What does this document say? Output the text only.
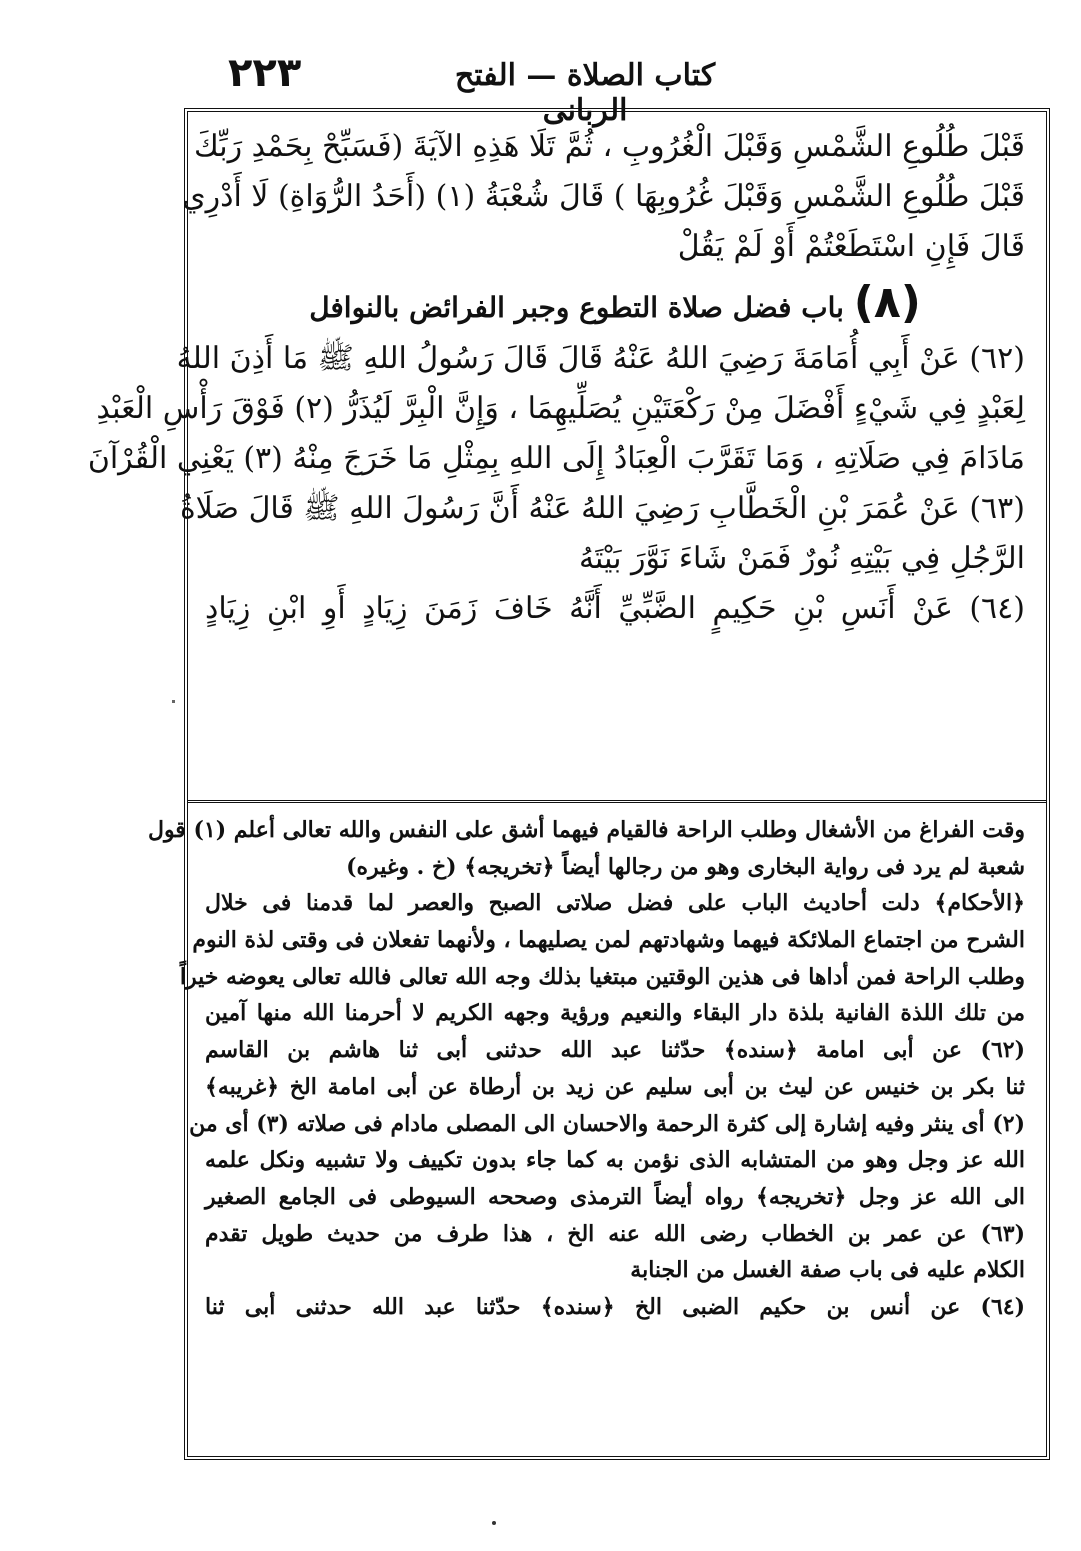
٢٢٣	كتاب الصلاة — الفتح الربانى
قَبْلَ طُلُوعِ الشَّمْسِ وَقَبْلَ الْغُرُوبِ ، ثُمَّ تَلَا هَذِهِ الآيَةَ (فَسَبِّحْ بِحَمْدِ رَبِّكَ
قَبْلَ طُلُوعِ الشَّمْسِ وَقَبْلَ غُرُوبِهَا ) قَالَ شُعْبَةُ (١) (أَحَدُ الرُّوَاةِ) لَا أَدْرِي
قَالَ فَإِنِ اسْتَطَعْتُمْ أَوْ لَمْ يَقُلْ
(٨) باب فضل صلاة التطوع وجبر الفرائض بالنوافل
(٦٢) عَنْ أَبِي أُمَامَةَ رَضِيَ اللهُ عَنْهُ قَالَ قَالَ رَسُولُ اللهِ ﷺ مَا أَذِنَ اللهُ
لِعَبْدٍ فِي شَيْءٍ أَفْضَلَ مِنْ رَكْعَتَيْنِ يُصَلِّيهِمَا ، وَإِنَّ الْبِرَّ لَيُذَرُّ (٢) فَوْقَ رَأْسِ الْعَبْدِ
مَادَامَ فِي صَلَاتِهِ ، وَمَا تَقَرَّبَ الْعِبَادُ إِلَى اللهِ بِمِثْلِ مَا خَرَجَ مِنْهُ (٣) يَعْنِي الْقُرْآنَ
(٦٣) عَنْ عُمَرَ بْنِ الْخَطَّابِ رَضِيَ اللهُ عَنْهُ أَنَّ رَسُولَ اللهِ ﷺ قَالَ صَلَاةُ
الرَّجُلِ فِي بَيْتِهِ نُورٌ فَمَنْ شَاءَ نَوَّرَ بَيْتَهُ
(٦٤) عَنْ أَنَسِ بْنِ حَكِيمٍ الضَّبِّيِّ أَنَّهُ خَافَ زَمَنَ زِيَادٍ أَوِ ابْنِ زِيَادٍ
وقت الفراغ من الأشغال وطلب الراحة فالقيام فيهما أشق على النفس والله تعالى أعلم (١) قول
شعبة لم يرد فى رواية البخارى وهو من رجالها أيضاً ﴿تخريجه﴾ (خ . وغيره)
﴿الأحكام﴾ دلت أحاديث الباب على فضل صلاتى الصبح والعصر لما قدمنا فى خلال
الشرح من اجتماع الملائكة فيهما وشهادتهم لمن يصليهما ، ولأنهما تفعلان فى وقتى لذة النوم
وطلب الراحة فمن أداها فى هذين الوقتين مبتغيا بذلك وجه الله تعالى فالله تعالى يعوضه خيراً
من تلك اللذة الفانية بلذة دار البقاء والنعيم ورؤية وجهه الكريم لا أحرمنا الله منها آمين
(٦٢) عن أبى امامة ﴿سنده﴾ حدّثنا عبد الله حدثنى أبى ثنا هاشم بن القاسم
ثنا بكر بن خنيس عن ليث بن أبى سليم عن زيد بن أرطاة عن أبى امامة الخ ﴿غريبه﴾
(٢) أى ينثر وفيه إشارة إلى كثرة الرحمة والاحسان الى المصلى مادام فى صلاته (٣) أى من
الله عز وجل وهو من المتشابه الذى نؤمن به كما جاء بدون تكييف ولا تشبيه ونكل علمه
الى الله عز وجل ﴿تخريجه﴾ رواه أيضاً الترمذى وصححه السيوطى فى الجامع الصغير
(٦٣) عن عمر بن الخطاب رضى الله عنه الخ ، هذا طرف من حديث طويل تقدم
الكلام عليه فى باب صفة الغسل من الجنابة
(٦٤) عن أنس بن حكيم الضبى الخ ﴿سنده﴾ حدّثنا عبد الله حدثنى أبى ثنا
